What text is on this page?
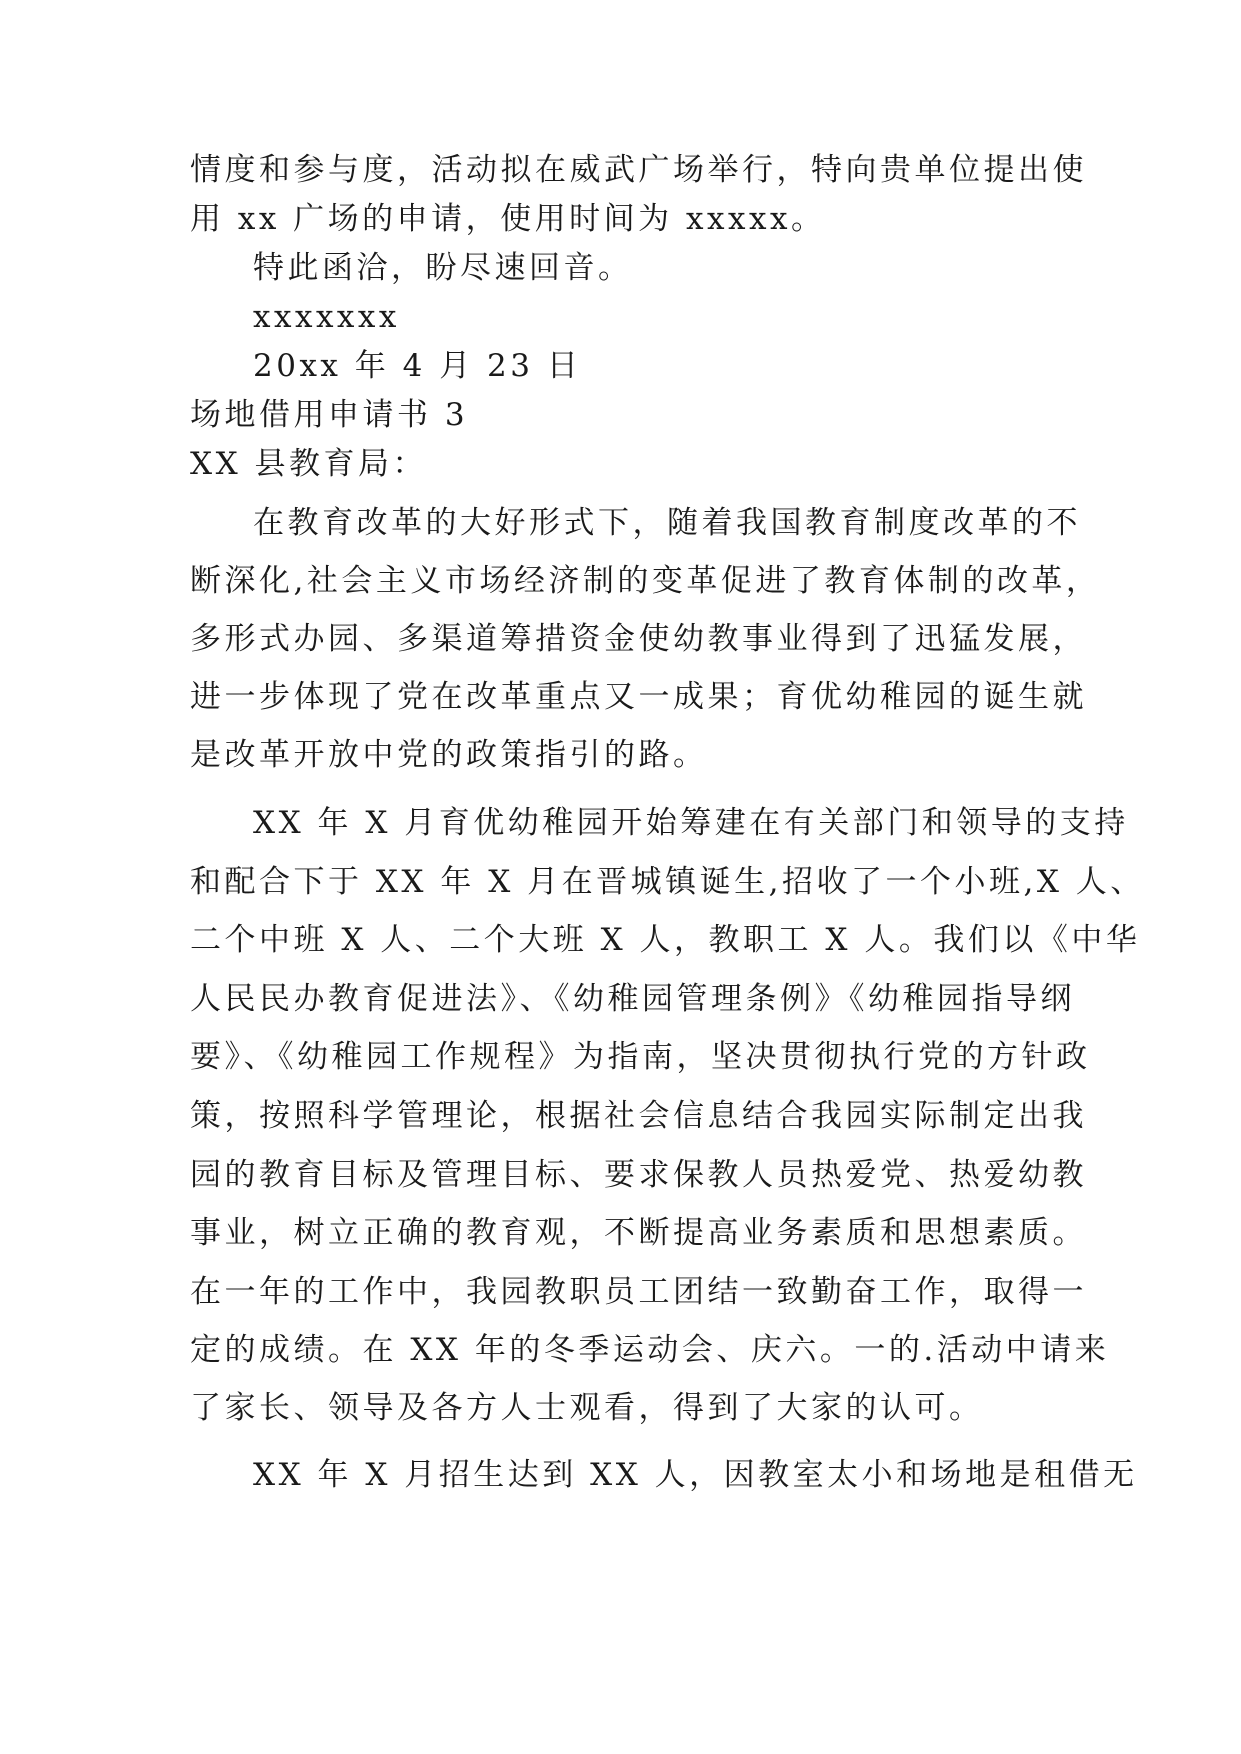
情度和参与度，活动拟在威武广场举行，特向贵单位提出使
用 xx 广场的申请，使用时间为 xxxxx。
特此函洽，盼尽速回音。
xxxxxxx
20xx 年 4 月 23 日
场地借用申请书 3
XX 县教育局：
在教育改革的大好形式下，随着我国教育制度改革的不
断深化,社会主义市场经济制的变革促进了教育体制的改革，
多形式办园、多渠道筹措资金使幼教事业得到了迅猛发展，
进一步体现了党在改革重点又一成果；育优幼稚园的诞生就
是改革开放中党的政策指引的路。
XX 年 X 月育优幼稚园开始筹建在有关部门和领导的支持
和配合下于 XX 年 X 月在晋城镇诞生,招收了一个小班,X 人、
二个中班 X 人、二个大班 X 人，教职工 X 人。我们以《中华
人民民办教育促进法》、《幼稚园管理条例》《幼稚园指导纲
要》、《幼稚园工作规程》为指南，坚决贯彻执行党的方针政
策，按照科学管理论，根据社会信息结合我园实际制定出我
园的教育目标及管理目标、要求保教人员热爱党、热爱幼教
事业，树立正确的教育观，不断提高业务素质和思想素质。
在一年的工作中，我园教职员工团结一致勤奋工作，取得一
定的成绩。在 XX 年的冬季运动会、庆六。一的.活动中请来
了家长、领导及各方人士观看，得到了大家的认可。
XX 年 X 月招生达到 XX 人，因教室太小和场地是租借无
